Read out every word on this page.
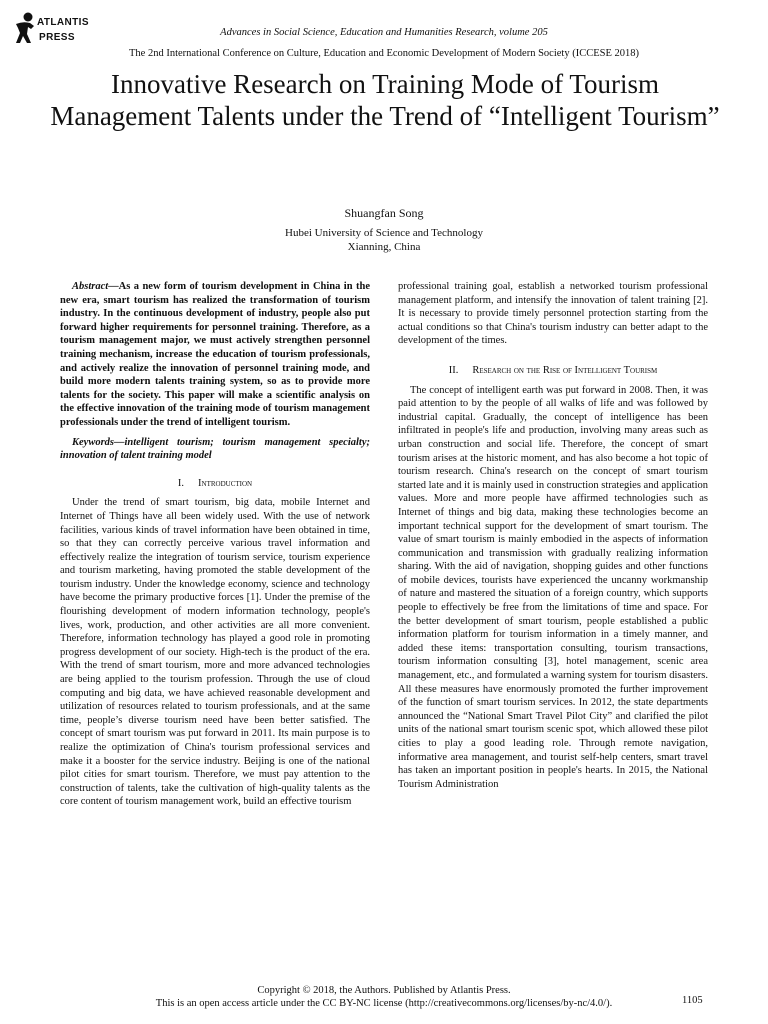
ATLANTIS
PRESS	Advances in Social Science, Education and Humanities Research, volume 205
The 2nd International Conference on Culture, Education and Economic Development of Modern Society (ICCESE 2018)
Innovative Research on Training Mode of Tourism Management Talents under the Trend of “Intelligent Tourism”
Shuangfan Song
Hubei University of Science and Technology
Xianning, China

Abstract—As a new form of tourism development in China in the new era, smart tourism has realized the transformation of tourism industry. In the continuous development of industry, people also put forward higher requirements for personnel training. Therefore, as a tourism management major, we must actively strengthen personnel training mechanism, increase the education of tourism professionals, and actively realize the innovation of personnel training mode, and build more modern talents training system, so as to provide more talents for the society. This paper will make a scientific analysis on the effective innovation of the training mode of tourism management professionals under the trend of intelligent tourism.

Keywords—intelligent tourism; tourism management specialty; innovation of talent training model

I. Introduction

Under the trend of smart tourism, big data, mobile Internet and Internet of Things have all been widely used. With the use of network facilities, various kinds of travel information have been obtained in time, so that they can correctly perceive various travel information and effectively realize the integration of tourism service, tourism experience and tourism marketing, having promoted the stable development of the tourism industry. Under the knowledge economy, science and technology have become the primary productive forces [1]. Under the premise of the flourishing development of modern information technology, people's lives, work, production, and other activities are all more convenient. Therefore, information technology has played a good role in promoting progress development of our society. High-tech is the product of the era. With the trend of smart tourism, more and more advanced technologies are being applied to the tourism profession. Through the use of cloud computing and big data, we have achieved reasonable development and utilization of resources related to tourism professionals, and at the same time, people’s diverse tourism need have been better satisfied. The concept of smart tourism was put forward in 2011. Its main purpose is to realize the optimization of China's tourism professional services and make it a booster for the service industry. Beijing is one of the national pilot cities for smart tourism. Therefore, we must pay attention to the construction of talents, take the cultivation of high-quality talents as the core content of tourism management work, build an effective tourism

professional training goal, establish a networked tourism professional management platform, and intensify the innovation of talent training [2]. It is necessary to provide timely personnel protection starting from the actual conditions so that China's tourism industry can better adapt to the development of the times.

II. Research on the Rise of Intelligent Tourism

The concept of intelligent earth was put forward in 2008. Then, it was paid attention to by the people of all walks of life and was followed by industrial capital. Gradually, the concept of intelligence has been infiltrated in people's life and production, involving many areas such as urban construction and social life. Therefore, the concept of smart tourism arises at the historic moment, and has also become a hot topic of tourism research. China's research on the concept of smart tourism started late and it is mainly used in construction strategies and application values. More and more people have affirmed technologies such as Internet of things and big data, making these technologies become an important technical support for the development of smart tourism. The value of smart tourism is mainly embodied in the aspects of information communication and transmission with gradually realizing information sharing. With the aid of navigation, shopping guides and other functions of mobile devices, tourists have experienced the uncanny workmanship of nature and mastered the situation of a foreign country, which supports people to effectively be free from the limitations of time and space. For the better development of smart tourism, people established a public information platform for tourism information in a timely manner, and added these items: transportation consulting, tourism transactions, tourism information consulting [3], hotel management, scenic area management, etc., and formulated a warning system for tourism disasters. All these measures have enormously promoted the further improvement of the function of smart tourism services. In 2012, the state departments announced the “National Smart Travel Pilot City” and clarified the pilot units of the national smart tourism scenic spot, which allowed these pilot cities to play a good leading role. Through remote navigation, informative area management, and tourist self-help centers, smart travel has taken an important position in people's hearts. In 2015, the National Tourism Administration

Copyright © 2018, the Authors. Published by Atlantis Press.
This is an open access article under the CC BY-NC license (http://creativecommons.org/licenses/by-nc/4.0/).	1105
